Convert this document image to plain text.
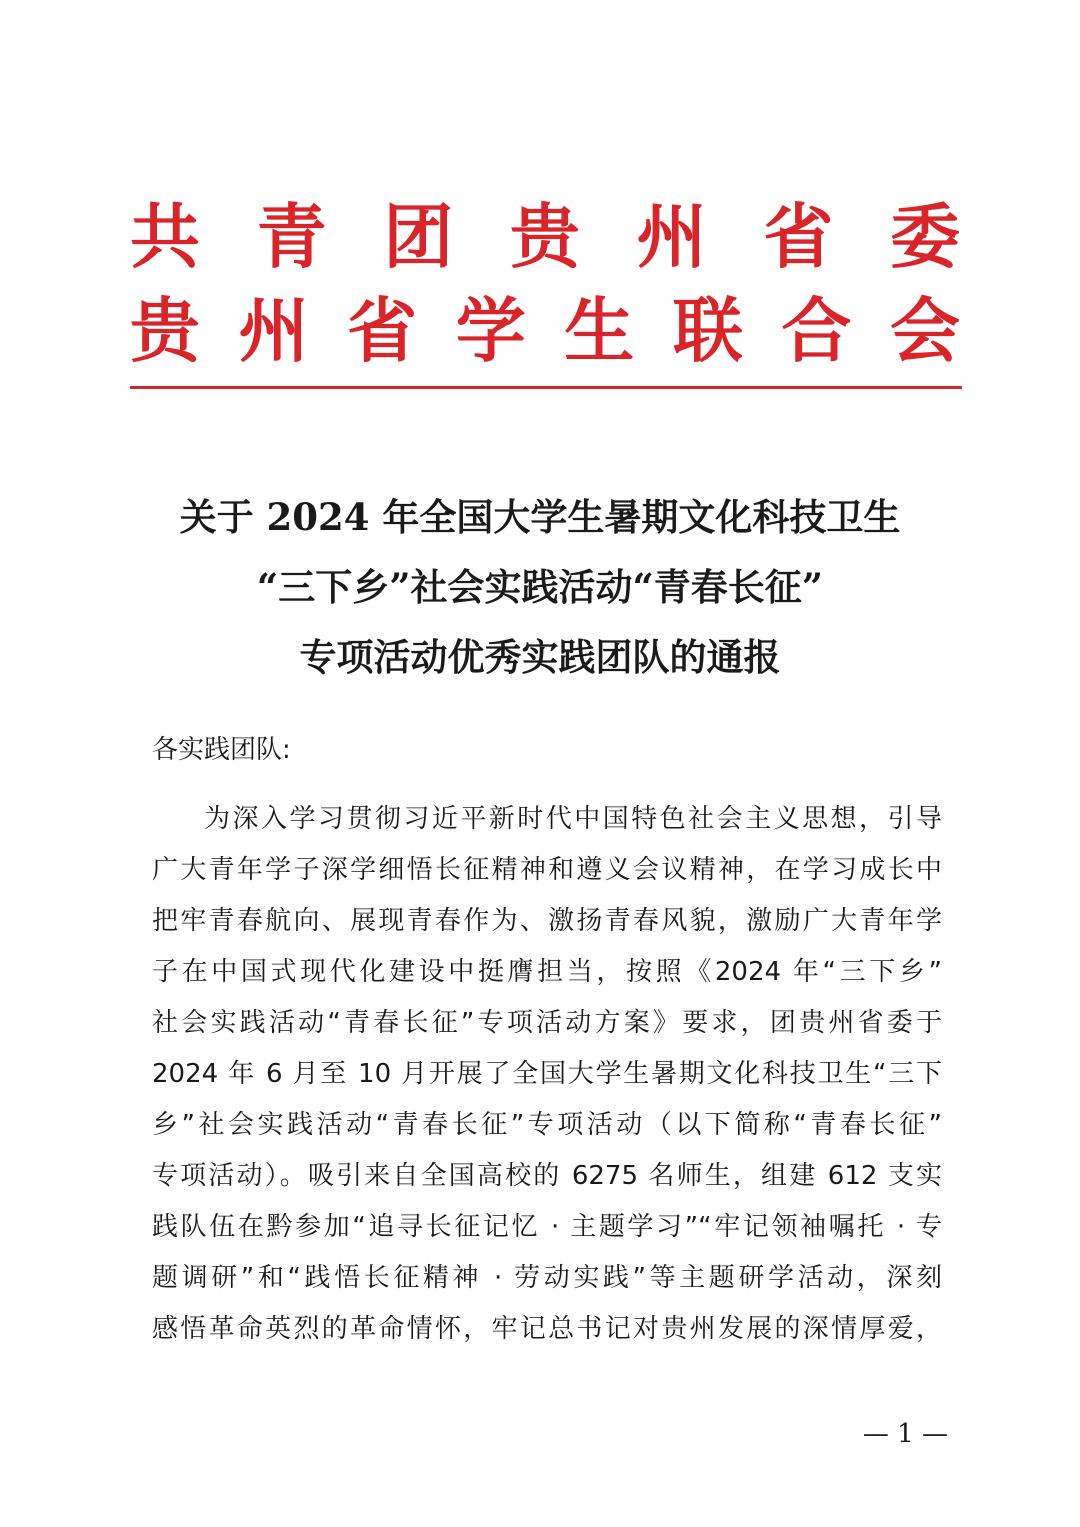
共青团贵州省委
贵州省学生联合会
关于 2024 年全国大学生暑期文化科技卫生
“三下乡”社会实践活动“青春长征”
专项活动优秀实践团队的通报
各实践团队:
为深入学习贯彻习近平新时代中国特色社会主义思想，引导
广大青年学子深学细悟长征精神和遵义会议精神，在学习成长中
把牢青春航向、展现青春作为、激扬青春风貌，激励广大青年学
子在中国式现代化建设中挺膺担当，按照《2024 年“三下乡”
社会实践活动“青春长征”专项活动方案》要求，团贵州省委于
2024 年 6 月至 10 月开展了全国大学生暑期文化科技卫生“三下
乡”社会实践活动“青春长征”专项活动（以下简称“青春长征”
专项活动）。吸引来自全国高校的 6275 名师生，组建 612 支实
践队伍在黔参加“追寻长征记忆 · 主题学习”“牢记领袖嘱托 · 专
题调研”和“践悟长征精神 · 劳动实践”等主题研学活动，深刻
感悟革命英烈的革命情怀，牢记总书记对贵州发展的深情厚爱，
— 1 —
